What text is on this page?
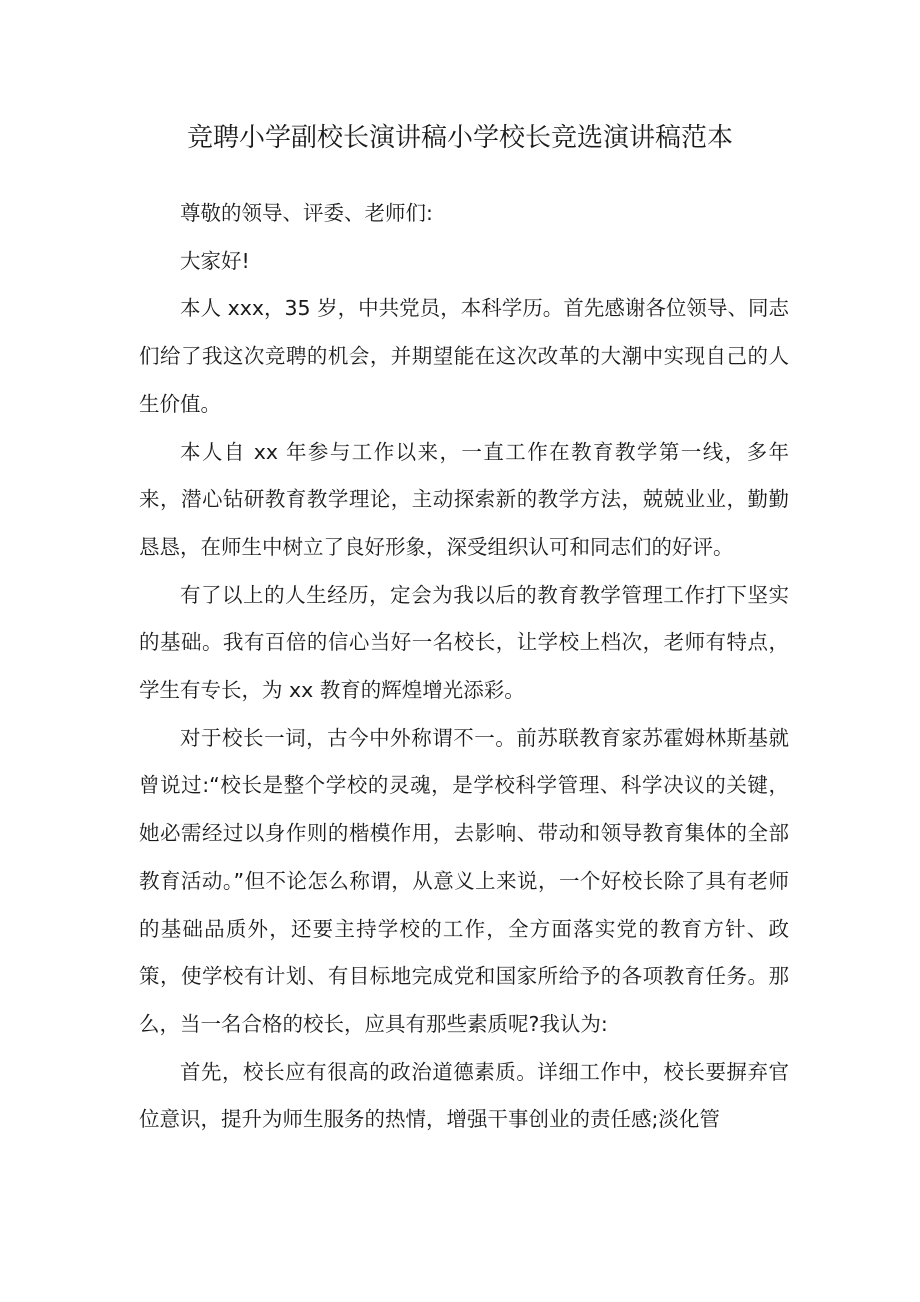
竞聘小学副校长演讲稿小学校长竞选演讲稿范本

尊敬的领导、评委、老师们:

大家好!

本人 xxx，35 岁，中共党员，本科学历。首先感谢各位领导、同志们给了我这次竞聘的机会，并期望能在这次改革的大潮中实现自己的人生价值。

本人自 xx 年参与工作以来，一直工作在教育教学第一线，多年来，潜心钻研教育教学理论，主动探索新的教学方法，兢兢业业，勤勤恳恳，在师生中树立了良好形象，深受组织认可和同志们的好评。

有了以上的人生经历，定会为我以后的教育教学管理工作打下坚实的基础。我有百倍的信心当好一名校长，让学校上档次，老师有特点，学生有专长，为 xx 教育的辉煌增光添彩。

对于校长一词，古今中外称谓不一。前苏联教育家苏霍姆林斯基就曾说过:“校长是整个学校的灵魂，是学校科学管理、科学决议的关键，她必需经过以身作则的楷模作用，去影响、带动和领导教育集体的全部教育活动。”但不论怎么称谓，从意义上来说，一个好校长除了具有老师的基础品质外，还要主持学校的工作，全方面落实党的教育方针、政策，使学校有计划、有目标地完成党和国家所给予的各项教育任务。那么，当一名合格的校长，应具有那些素质呢?我认为:

首先，校长应有很高的政治道德素质。详细工作中，校长要摒弃官位意识，提升为师生服务的热情，增强干事创业的责任感;淡化管
